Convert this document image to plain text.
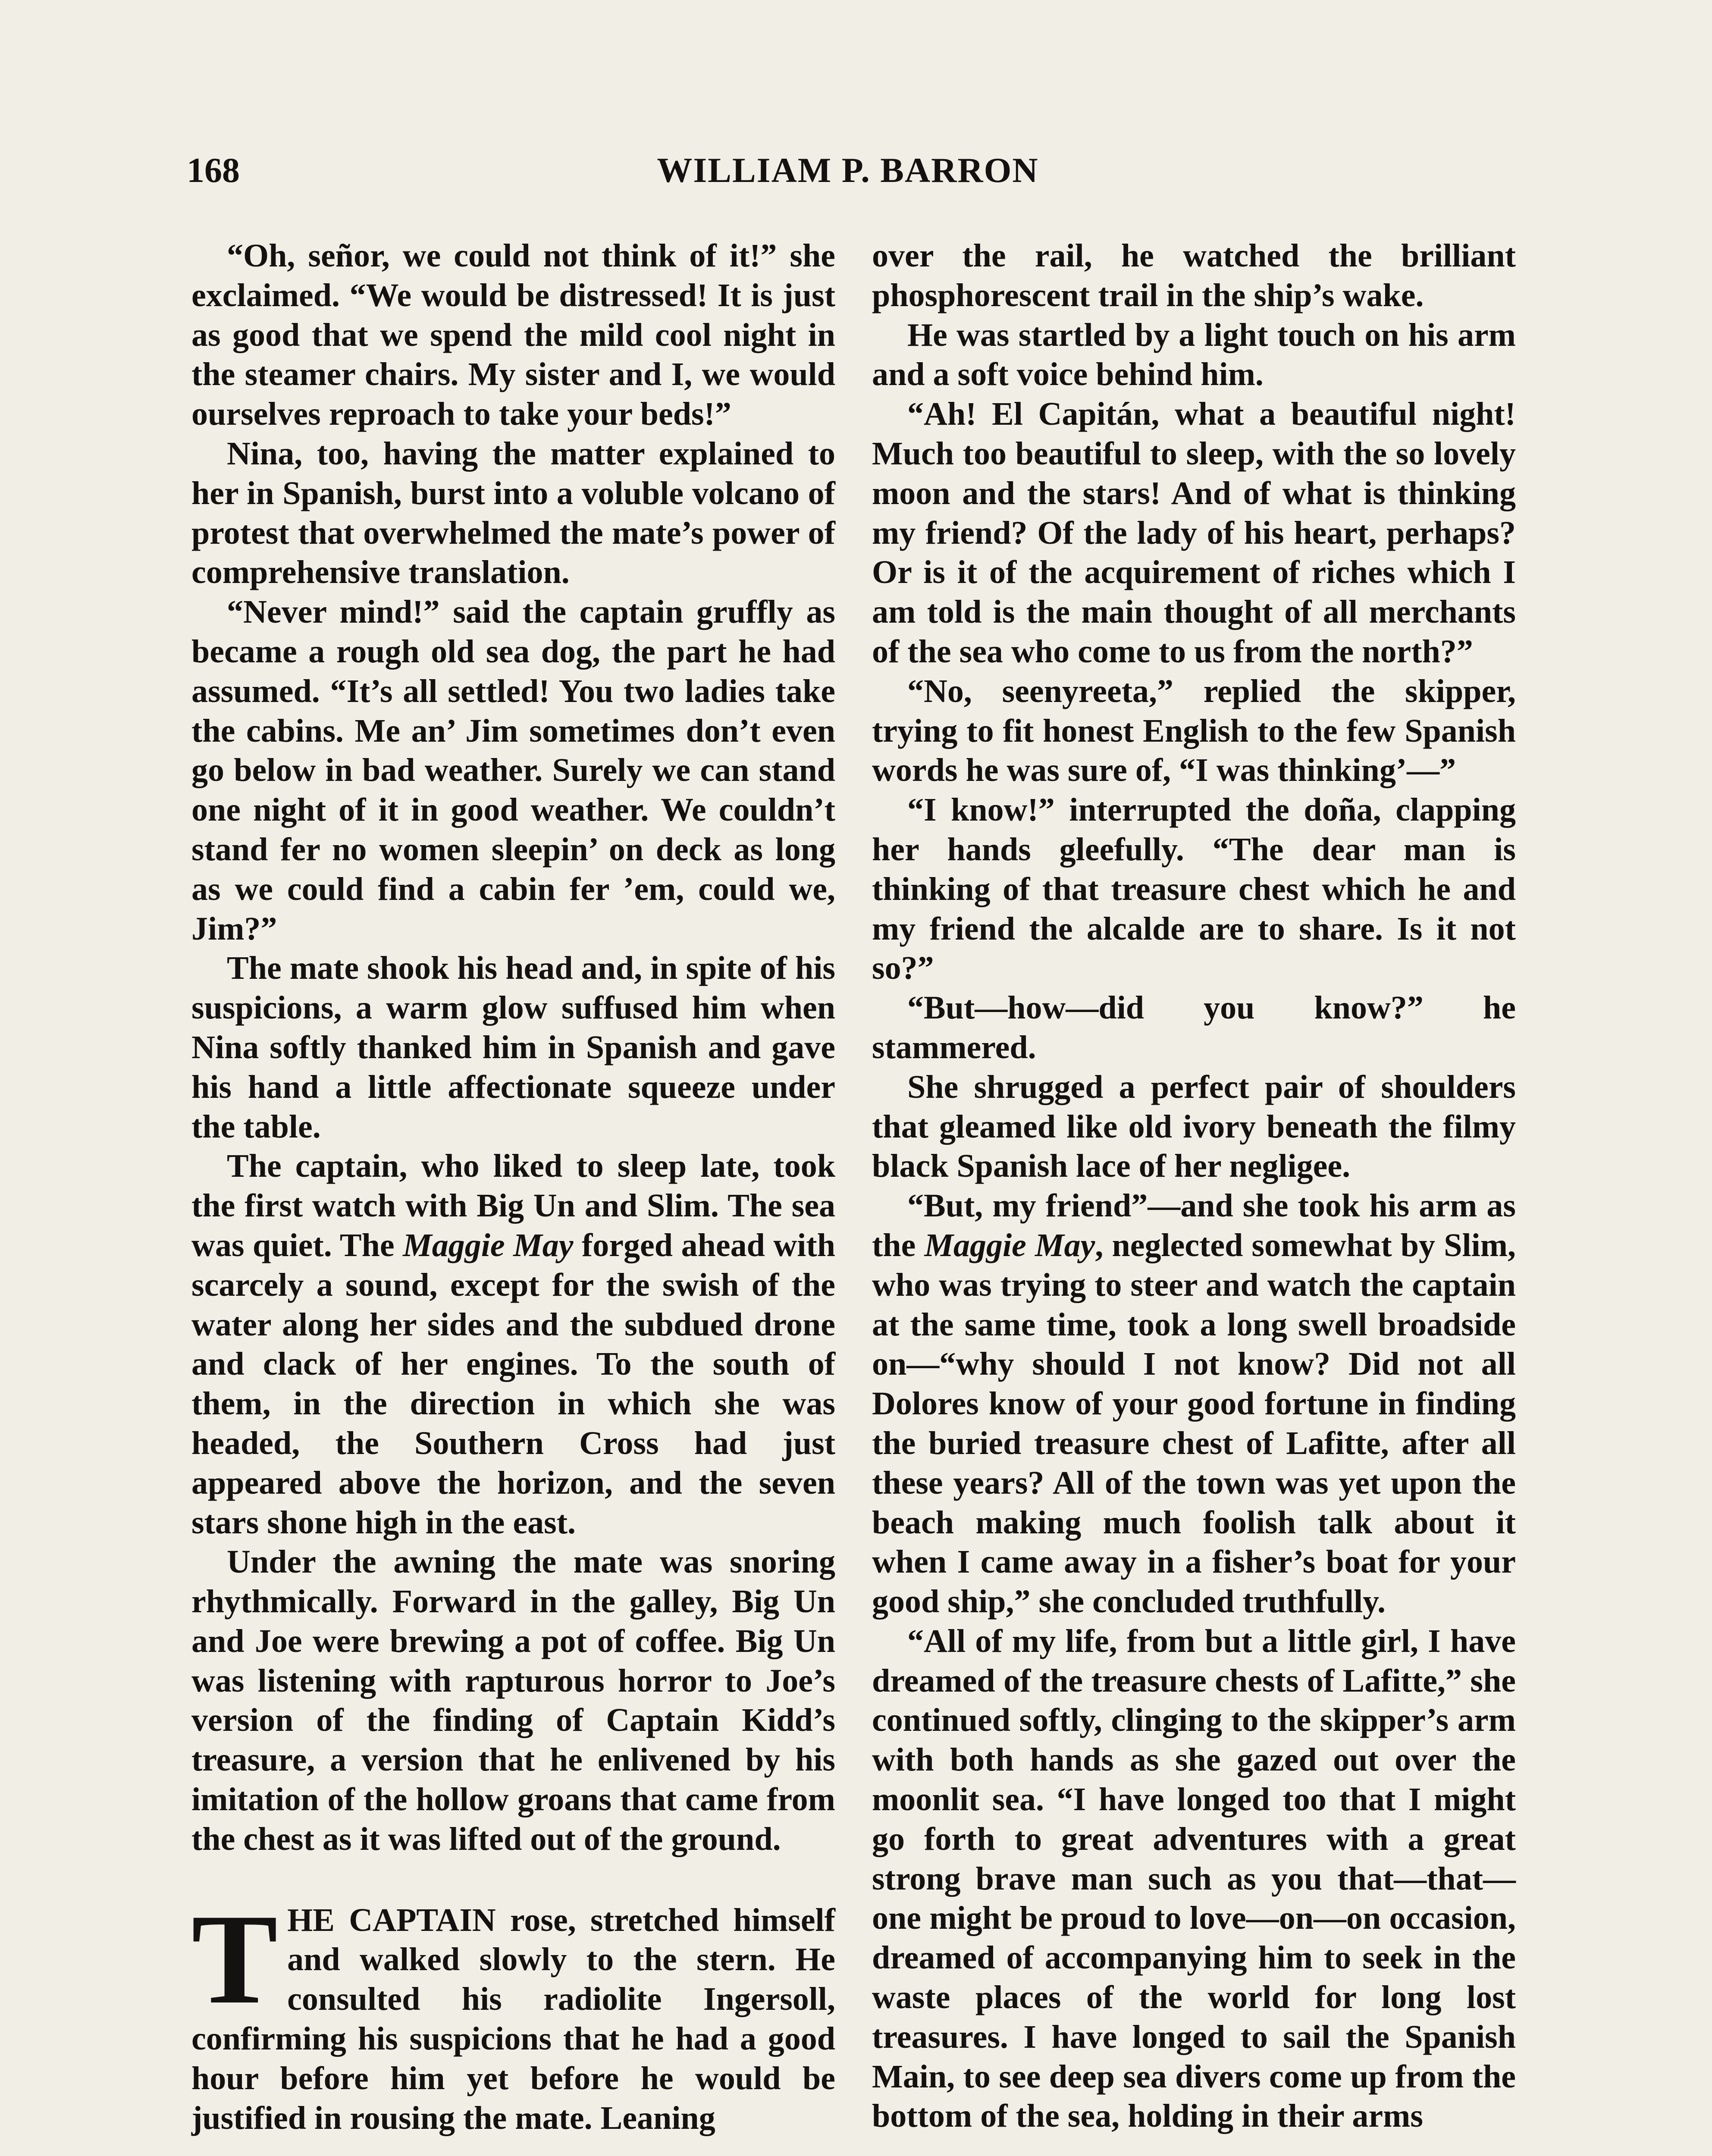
168	WILLIAM P. BARRON

“Oh, señor, we could not think of it!” she exclaimed. “We would be distressed! It is just as good that we spend the mild cool night in the steamer chairs. My sister and I, we would ourselves reproach to take your beds!”

Nina, too, having the matter explained to her in Spanish, burst into a voluble volcano of protest that overwhelmed the mate’s power of comprehensive translation.

“Never mind!” said the captain gruffly as became a rough old sea dog, the part he had assumed. “It’s all settled! You two ladies take the cabins. Me an’ Jim sometimes don’t even go below in bad weather. Surely we can stand one night of it in good weather. We couldn’t stand fer no women sleepin’ on deck as long as we could find a cabin fer ’em, could we, Jim?”

The mate shook his head and, in spite of his suspicions, a warm glow suffused him when Nina softly thanked him in Spanish and gave his hand a little affectionate squeeze under the table.

The captain, who liked to sleep late, took the first watch with Big Un and Slim. The sea was quiet. The Maggie May forged ahead with scarcely a sound, except for the swish of the water along her sides and the subdued drone and clack of her engines. To the south of them, in the direction in which she was headed, the Southern Cross had just appeared above the horizon, and the seven stars shone high in the east.

Under the awning the mate was snoring rhythmically. Forward in the galley, Big Un and Joe were brewing a pot of coffee. Big Un was listening with rapturous horror to Joe’s version of the finding of Captain Kidd’s treasure, a version that he enlivened by his imitation of the hollow groans that came from the chest as it was lifted out of the ground.

THE CAPTAIN rose, stretched himself and walked slowly to the stern. He consulted his radiolite Ingersoll, confirming his suspicions that he had a good hour before him yet before he would be justified in rousing the mate. Leaning

over the rail, he watched the brilliant phosphorescent trail in the ship’s wake.

He was startled by a light touch on his arm and a soft voice behind him.

“Ah! El Capitán, what a beautiful night! Much too beautiful to sleep, with the so lovely moon and the stars! And of what is thinking my friend? Of the lady of his heart, perhaps? Or is it of the acquirement of riches which I am told is the main thought of all merchants of the sea who come to us from the north?”

“No, seenyreeta,” replied the skipper, trying to fit honest English to the few Spanish words he was sure of, “I was thinking’—”

“I know!” interrupted the doña, clapping her hands gleefully. “The dear man is thinking of that treasure chest which he and my friend the alcalde are to share. Is it not so?”

“But—how—did you know?” he stammered.

She shrugged a perfect pair of shoulders that gleamed like old ivory beneath the filmy black Spanish lace of her negligee.

“But, my friend”—and she took his arm as the Maggie May, neglected somewhat by Slim, who was trying to steer and watch the captain at the same time, took a long swell broadside on—“why should I not know? Did not all Dolores know of your good fortune in finding the buried treasure chest of Lafitte, after all these years? All of the town was yet upon the beach making much foolish talk about it when I came away in a fisher’s boat for your good ship,” she concluded truthfully.

“All of my life, from but a little girl, I have dreamed of the treasure chests of Lafitte,” she continued softly, clinging to the skipper’s arm with both hands as she gazed out over the moonlit sea. “I have longed too that I might go forth to great adventures with a great strong brave man such as you that—that—one might be proud to love—on—on occasion, dreamed of accompanying him to seek in the waste places of the world for long lost treasures. I have longed to sail the Spanish Main, to see deep sea divers come up from the bottom of the sea, holding in their arms
